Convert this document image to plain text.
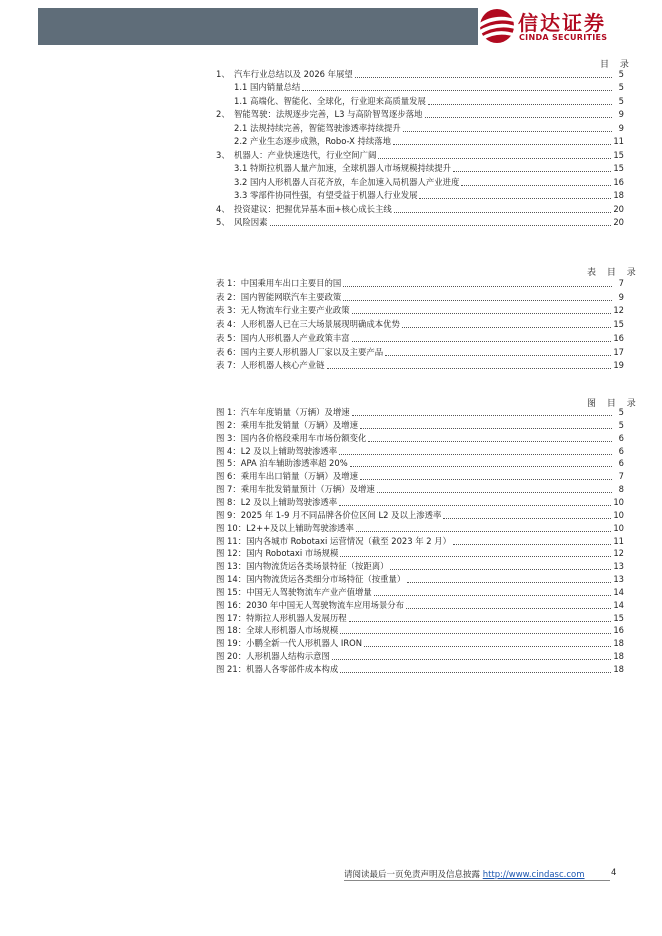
信达证券
CINDA SECURITIES
目 录
1、 汽车行业总结以及 2026 年展望	5
1.1 国内销量总结	5
1.1 高端化、智能化、全球化，行业迎来高质量发展	5
2、 智能驾驶：法规逐步完善，L3 与高阶智驾逐步落地	9
2.1 法规持续完善，智能驾驶渗透率持续提升	9
2.2 产业生态逐步成熟，Robo-X 持续落地	11
3、 机器人：产业快速迭代，行业空间广阔	15
3.1 特斯拉机器人量产加速，全球机器人市场规模持续提升	15
3.2 国内人形机器人百花齐放，车企加速入局机器人产业进度	16
3.3 零部件协同性强，有望受益于机器人行业发展	18
4、 投资建议：把握优异基本面+核心成长主线	20
5、 风险因素	20
表 目 录
表 1：中国乘用车出口主要目的国	7
表 2：国内智能网联汽车主要政策	9
表 3：无人物流车行业主要产业政策	12
表 4：人形机器人已在三大场景展现明确成本优势	15
表 5：国内人形机器人产业政策丰富	16
表 6：国内主要人形机器人厂家以及主要产品	17
表 7：人形机器人核心产业链	19
图 目 录
图 1：汽车年度销量（万辆）及增速	5
图 2：乘用车批发销量（万辆）及增速	5
图 3：国内各价格段乘用车市场份额变化	6
图 4：L2 及以上辅助驾驶渗透率	6
图 5：APA 泊车辅助渗透率超 20%	6
图 6：乘用车出口销量（万辆）及增速	7
图 7：乘用车批发销量预计（万辆）及增速	8
图 8：L2 及以上辅助驾驶渗透率	10
图 9：2025 年 1-9 月不同品牌各价位区间 L2 及以上渗透率	10
图 10：L2++及以上辅助驾驶渗透率	10
图 11：国内各城市 Robotaxi 运营情况（截至 2023 年 2 月）	11
图 12：国内 Robotaxi 市场规模	12
图 13：国内物流货运各类场景特征（按距离）	13
图 14：国内物流货运各类细分市场特征（按重量）	13
图 15：中国无人驾驶物流车产业产值增量	14
图 16：2030 年中国无人驾驶物流车应用场景分布	14
图 17：特斯拉人形机器人发展历程	15
图 18：全球人形机器人市场规模	16
图 19：小鹏全新一代人形机器人 IRON	18
图 20：人形机器人结构示意图	18
图 21：机器人各零部件成本构成	18
请阅读最后一页免责声明及信息披露 http://www.cindasc.com	4
